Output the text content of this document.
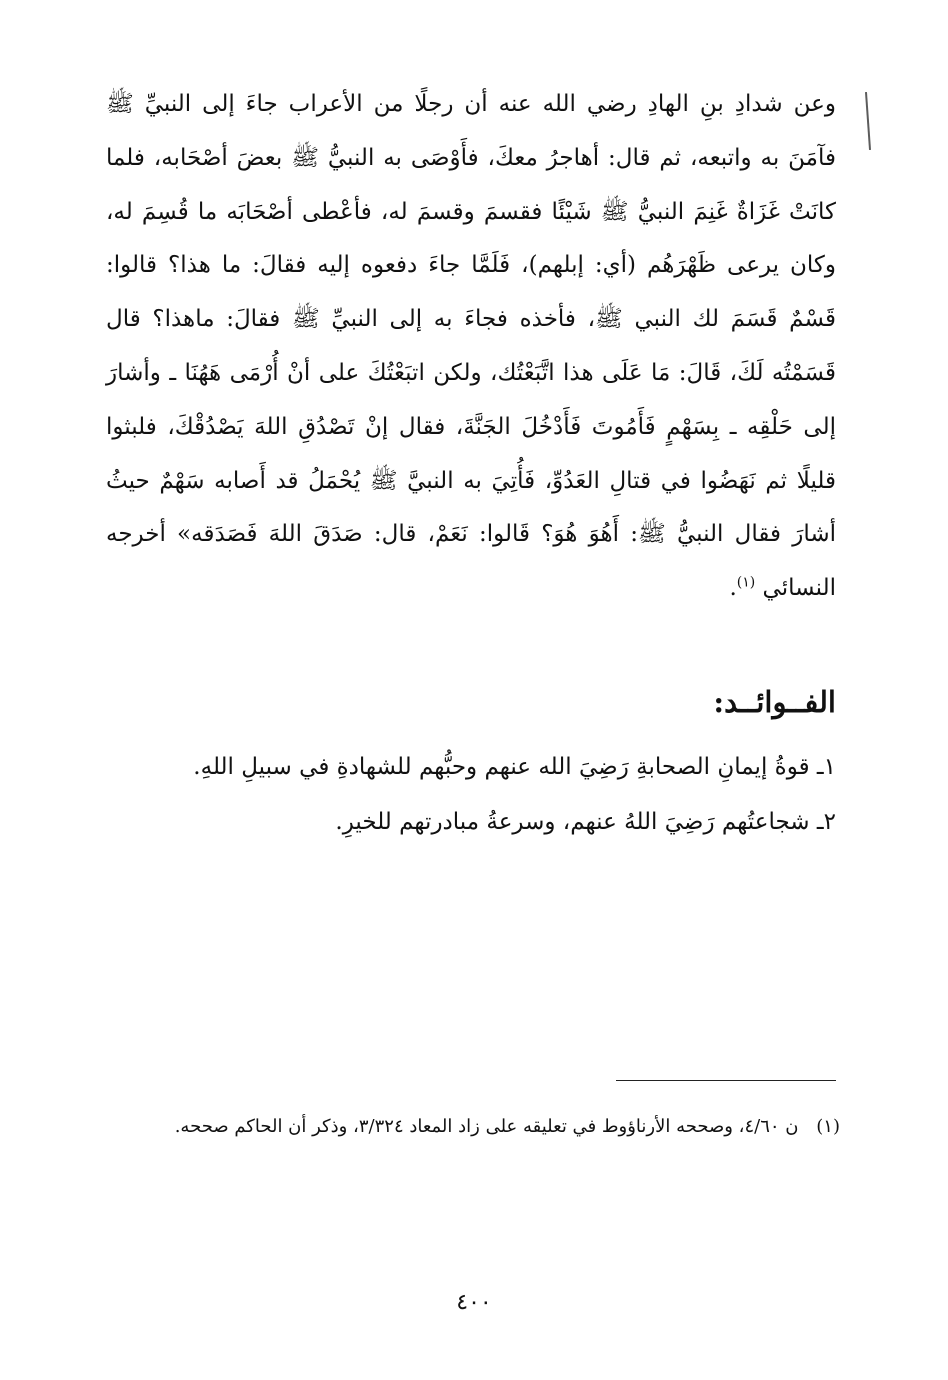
وعن شدادِ بنِ الهادِ رضي الله عنه أن رجلًا من الأعراب جاءَ إلى النبيِّ ﷺ فآمَنَ به واتبعه، ثم قال: أهاجرُ معكَ، فأَوْصَى به النبيُّ ﷺ بعضَ أصْحَابه، فلما كانَتْ غَزَاةٌ غَنِمَ النبيُّ ﷺ شَيْئًا فقسمَ وقسمَ له، فأعْطى أصْحَابَه ما قُسِمَ له، وكان يرعى ظَهْرَهُم (أي: إبلهم)، فَلَمَّا جاءَ دفعوه إليه فقالَ: ما هذا؟ قالوا: قَسْمٌ قَسَمَ لك النبي ﷺ، فأخذه فجاءَ به إلى النبيِّ ﷺ فقالَ: ماهذا؟ قال قَسَمْتُه لَكَ، قَالَ: مَا عَلَى هذا اتَّبَعْتُك، ولكن اتبَعْتُكَ على أنْ أُرْمَى هَهُنَا ـ وأشارَ إلى حَلْقِه ـ بِسَهْمٍ فَأَمُوتَ فَأَدْخُلَ الجَنَّةَ، فقال إنْ تَصْدُقِ اللهَ يَصْدُقْكَ، فلبثوا قليلًا ثم نَهَضُوا في قتالِ العَدُوِّ، فَأُتِيَ به النبيَّ ﷺ يُحْمَلُ قد أَصابه سَهْمٌ حيثُ أشارَ فقال النبيُّ ﷺ: أَهُوَ هُوَ؟ قَالوا: نَعَمْ، قال: صَدَقَ اللهَ فَصَدَقه» أخرجه النسائي $^{(١)}$.
الفــوائــد:
١ـ قوةُ إيمانِ الصحابةِ رَضِيَ الله عنهم وحبُّهم للشهادةِ في سبيلِ اللهِ.
٢ـ شجاعتُهم رَضِيَ اللهُ عنهم، وسرعةُ مبادرتهم للخيرِ.
(١) ن ٤/٦٠، وصححه الأرناؤوط في تعليقه على زاد المعاد ٣/٣٢٤، وذكر أن الحاكم صححه.
٤٠٠
